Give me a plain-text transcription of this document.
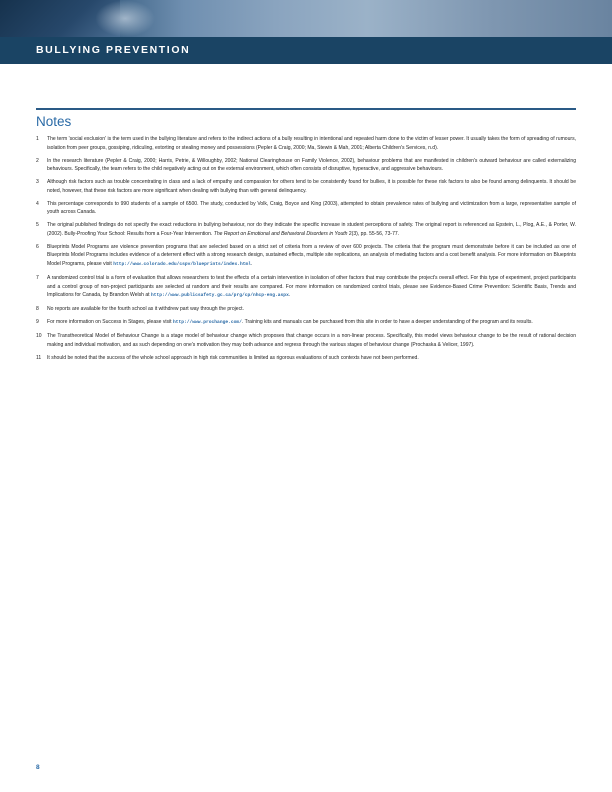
BULLYING PREVENTION
Notes
1 The term 'social exclusion' is the term used in the bullying literature and refers to the indirect actions of a bully resulting in intentional and repeated harm done to the victim of lesser power. It usually takes the form of spreading of rumours, isolation from peer groups, gossiping, ridiculing, extorting or stealing money and possessions (Pepler & Craig, 2000; Ma, Stewin & Mah, 2001; Alberta Children's Services, n.d).
2 In the research literature (Pepler & Craig, 2000; Harris, Petrie, & Willoughby, 2002; National Clearinghouse on Family Violence, 2002), behaviour problems that are manifested in children's outward behaviour are called externalizing behaviours. Specifically, the team refers to the child negatively acting out on the external environment, which often consists of disruptive, hyperactive, and aggressive behaviours.
3 Although risk factors such as trouble concentrating in class and a lack of empathy and compassion for others tend to be consistently found for bullies, it is possible for these risk factors to also be found among delinquents. It should be noted, however, that these risk factors are more significant when dealing with bullying than with general delinquency.
4 This percentage corresponds to 990 students of a sample of 6500. The study, conducted by Volk, Craig, Boyce and King (2003), attempted to obtain prevalence rates of bullying and victimization from a large, representative sample of youth across Canada.
5 The original published findings do not specify the exact reductions in bullying behaviour, nor do they indicate the specific increase in student perceptions of safety. The original report is referenced as Epstein, L., Plog, A.E., & Porter, W. (2002). Bully-Proofing Your School: Results from a Four-Year Intervention. The Report on Emotional and Behavioral Disorders in Youth 2(3), pp. 55-56, 73-77.
6 Blueprints Model Programs are violence prevention programs that are selected based on a strict set of criteria from a review of over 600 projects. The criteria that the program must demonstrate before it can be included as one of Blueprints Model Programs includes evidence of a deterrent effect with a strong research design, sustained effects, multiple site replications, an analysis of mediating factors and a cost benefit analysis. For more information on Blueprints Model Programs, please visit http://www.colorado.edu/cspv/blueprints/index.html.
7 A randomized control trial is a form of evaluation that allows researchers to test the effects of a certain intervention in isolation of other factors that may contribute the project's overall effect. For this type of experiment, project participants and a control group of non-project participants are selected at random and their results are compared. For more information on randomized control trials, please see Evidence-Based Crime Prevention: Scientific Basis, Trends and Implications for Canada, by Brandon Welsh at http://www.publicsafety.gc.ca/prg/cp/nhcp-eng.aspx.
8 No reports are available for the fourth school as it withdrew part way through the project.
9 For more information on Success in Stages, please visit http://www.prochange.com/. Training kits and manuals can be purchased from this site in order to have a deeper understanding of the program and its results.
10 The Transtheoretical Model of Behaviour Change is a stage model of behaviour change which proposes that change occurs in a non-linear process. Specifically, this model views behaviour change to be the result of rational decision making and individual motivation, and as such depending on one's motivation they may both advance and regress through the various stages of behaviour change (Prochaska & Velicer, 1997).
11 It should be noted that the success of the whole school approach in high risk communities is limited as rigorous evaluations of such contexts have not been performed.

8
